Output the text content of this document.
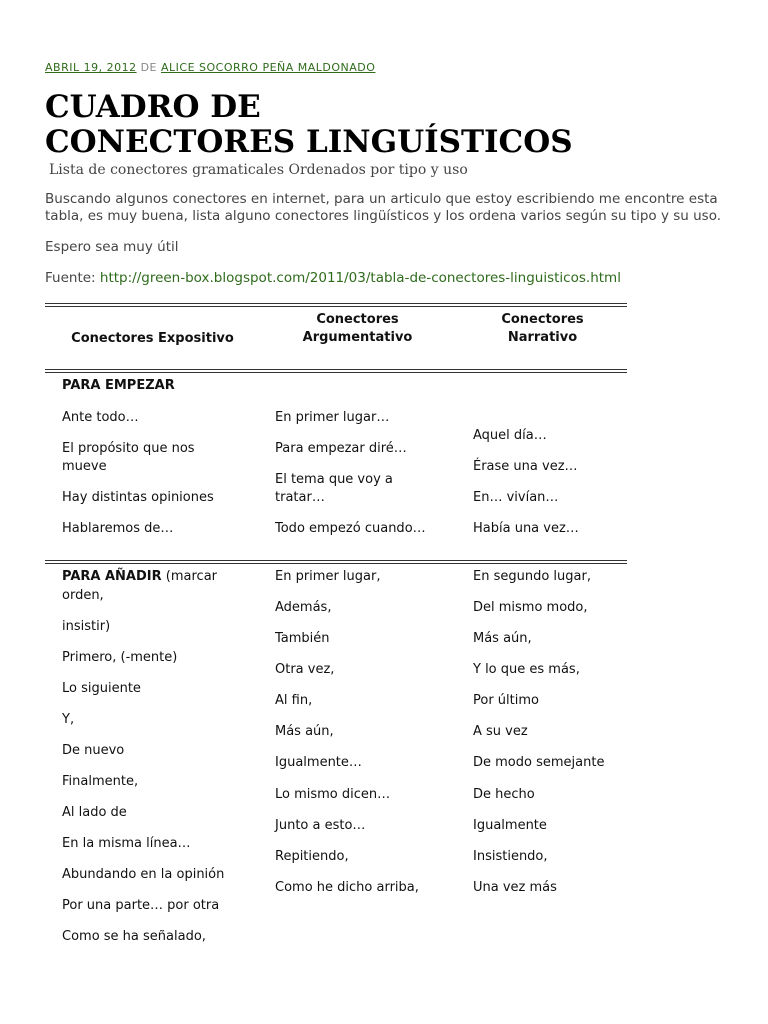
ABRIL 19, 2012 DE ALICE SOCORRO PEÑA MALDONADO
CUADRO DE
CONECTORES LINGUÍSTICOS
Lista de conectores gramaticales Ordenados por tipo y uso
Buscando algunos conectores en internet, para un articulo que estoy escribiendo me encontre esta
tabla, es muy buena, lista alguno conectores lingüísticos y los ordena varios según su tipo y su uso.
Espero sea muy útil
Fuente: http://green-box.blogspot.com/2011/03/tabla-de-conectores-linguisticos.html
Conectores Expositivo
Conectores
Argumentativo
Conectores
Narrativo
PARA EMPEZAR
Ante todo…
El propósito que nos
mueve
Hay distintas opiniones
Hablaremos de…
En primer lugar…
Para empezar diré…
El tema que voy a
tratar…
Todo empezó cuando…
Aquel día…
Érase una vez…
En… vivían…
Había una vez…
PARA AÑADIR (marcar
orden,
insistir)
Primero, (-mente)
Lo siguiente
Y,
De nuevo
Finalmente,
Al lado de
En la misma línea…
Abundando en la opinión
Por una parte… por otra
Como se ha señalado,
En primer lugar,
Además,
También
Otra vez,
Al fin,
Más aún,
Igualmente…
Lo mismo dicen…
Junto a esto…
Repitiendo,
Como he dicho arriba,
En segundo lugar,
Del mismo modo,
Más aún,
Y lo que es más,
Por último
A su vez
De modo semejante
De hecho
Igualmente
Insistiendo,
Una vez más
